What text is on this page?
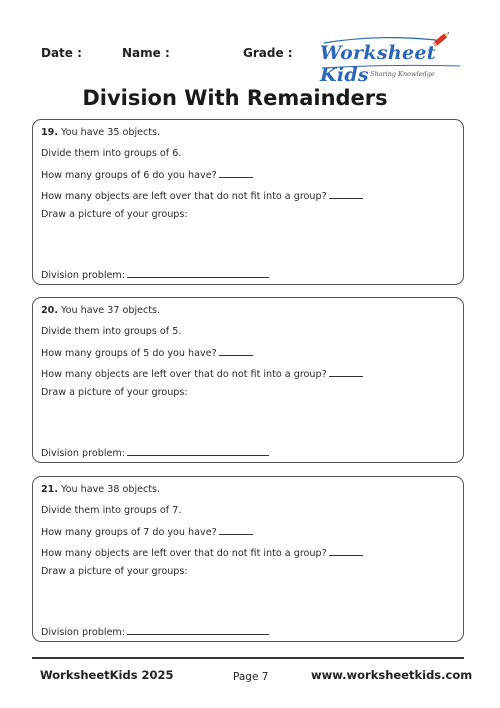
Date :	Name :	Grade : Worksheet Kids Sharing Knowledge
Division With Remainders
19. You have 35 objects.
Divide them into groups of 6.
How many groups of 6 do you have?
How many objects are left over that do not fit into a group?
Draw a picture of your groups:
Division problem:
20. You have 37 objects.
Divide them into groups of 5.
How many groups of 5 do you have?
How many objects are left over that do not fit into a group?
Draw a picture of your groups:
Division problem:
21. You have 38 objects.
Divide them into groups of 7.
How many groups of 7 do you have?
How many objects are left over that do not fit into a group?
Draw a picture of your groups:
Division problem:
WorksheetKids 2025	Page 7	www.worksheetkids.com
